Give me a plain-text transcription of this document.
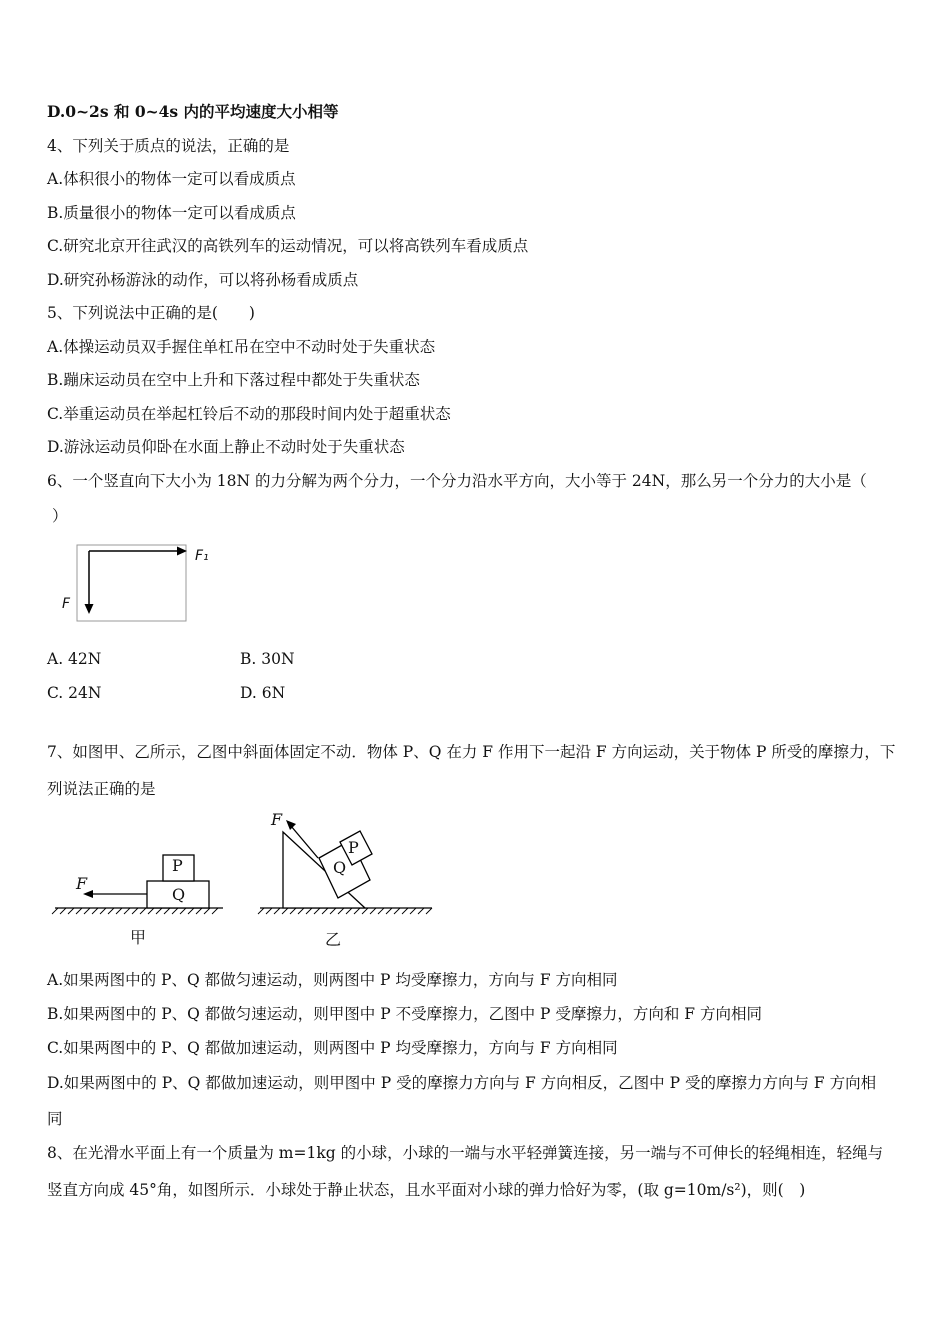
D.0~2s 和 0~4s 内的平均速度大小相等
4、下列关于质点的说法，正确的是
A.体积很小的物体一定可以看成质点
B.质量很小的物体一定可以看成质点
C.研究北京开往武汉的高铁列车的运动情况，可以将高铁列车看成质点
D.研究孙杨游泳的动作，可以将孙杨看成质点
5、下列说法中正确的是(　　)
A.体操运动员双手握住单杠吊在空中不动时处于失重状态
B.蹦床运动员在空中上升和下落过程中都处于失重状态
C.举重运动员在举起杠铃后不动的那段时间内处于超重状态
D.游泳运动员仰卧在水面上静止不动时处于失重状态
6、一个竖直向下大小为 18N 的力分解为两个分力，一个分力沿水平方向，大小等于 24N，那么另一个分力的大小是（
）
F₁
F
A. 42N	B. 30N
C. 24N	D. 6N
7、如图甲、乙所示，乙图中斜面体固定不动．物体 P、Q 在力 F 作用下一起沿 F 方向运动，关于物体 P 所受的摩擦力，下
列说法正确的是
F
P
Q
甲
F
P
Q
乙
A.如果两图中的 P、Q 都做匀速运动，则两图中 P 均受摩擦力，方向与 F 方向相同
B.如果两图中的 P、Q 都做匀速运动，则甲图中 P 不受摩擦力，乙图中 P 受摩擦力，方向和 F 方向相同
C.如果两图中的 P、Q 都做加速运动，则两图中 P 均受摩擦力，方向与 F 方向相同
D.如果两图中的 P、Q 都做加速运动，则甲图中 P 受的摩擦力方向与 F 方向相反，乙图中 P 受的摩擦力方向与 F 方向相
同
8、在光滑水平面上有一个质量为 m=1kg 的小球，小球的一端与水平轻弹簧连接，另一端与不可伸长的轻绳相连，轻绳与
竖直方向成 45°角，如图所示．小球处于静止状态，且水平面对小球的弹力恰好为零，(取 g=10m/s²)，则(　)
